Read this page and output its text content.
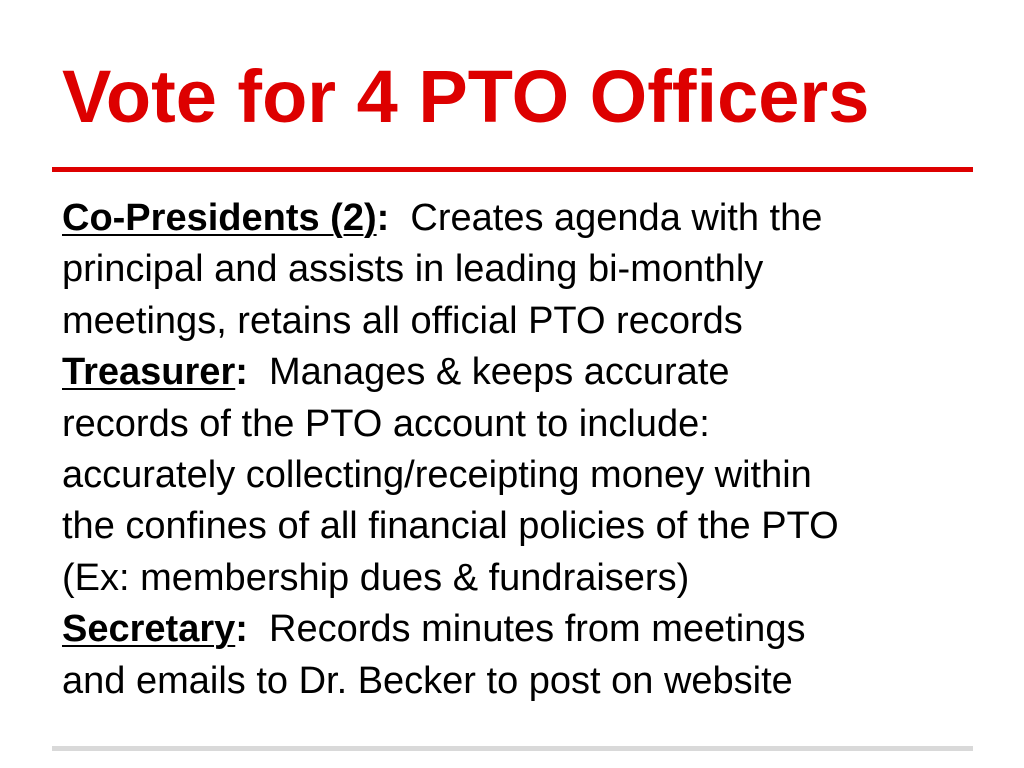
Vote for 4 PTO Officers
Co-Presidents (2): Creates agenda with the
principal and assists in leading bi-monthly
meetings, retains all official PTO records
Treasurer: Manages & keeps accurate
records of the PTO account to include:
accurately collecting/receipting money within
the confines of all financial policies of the PTO
(Ex: membership dues & fundraisers)
Secretary: Records minutes from meetings
and emails to Dr. Becker to post on website
